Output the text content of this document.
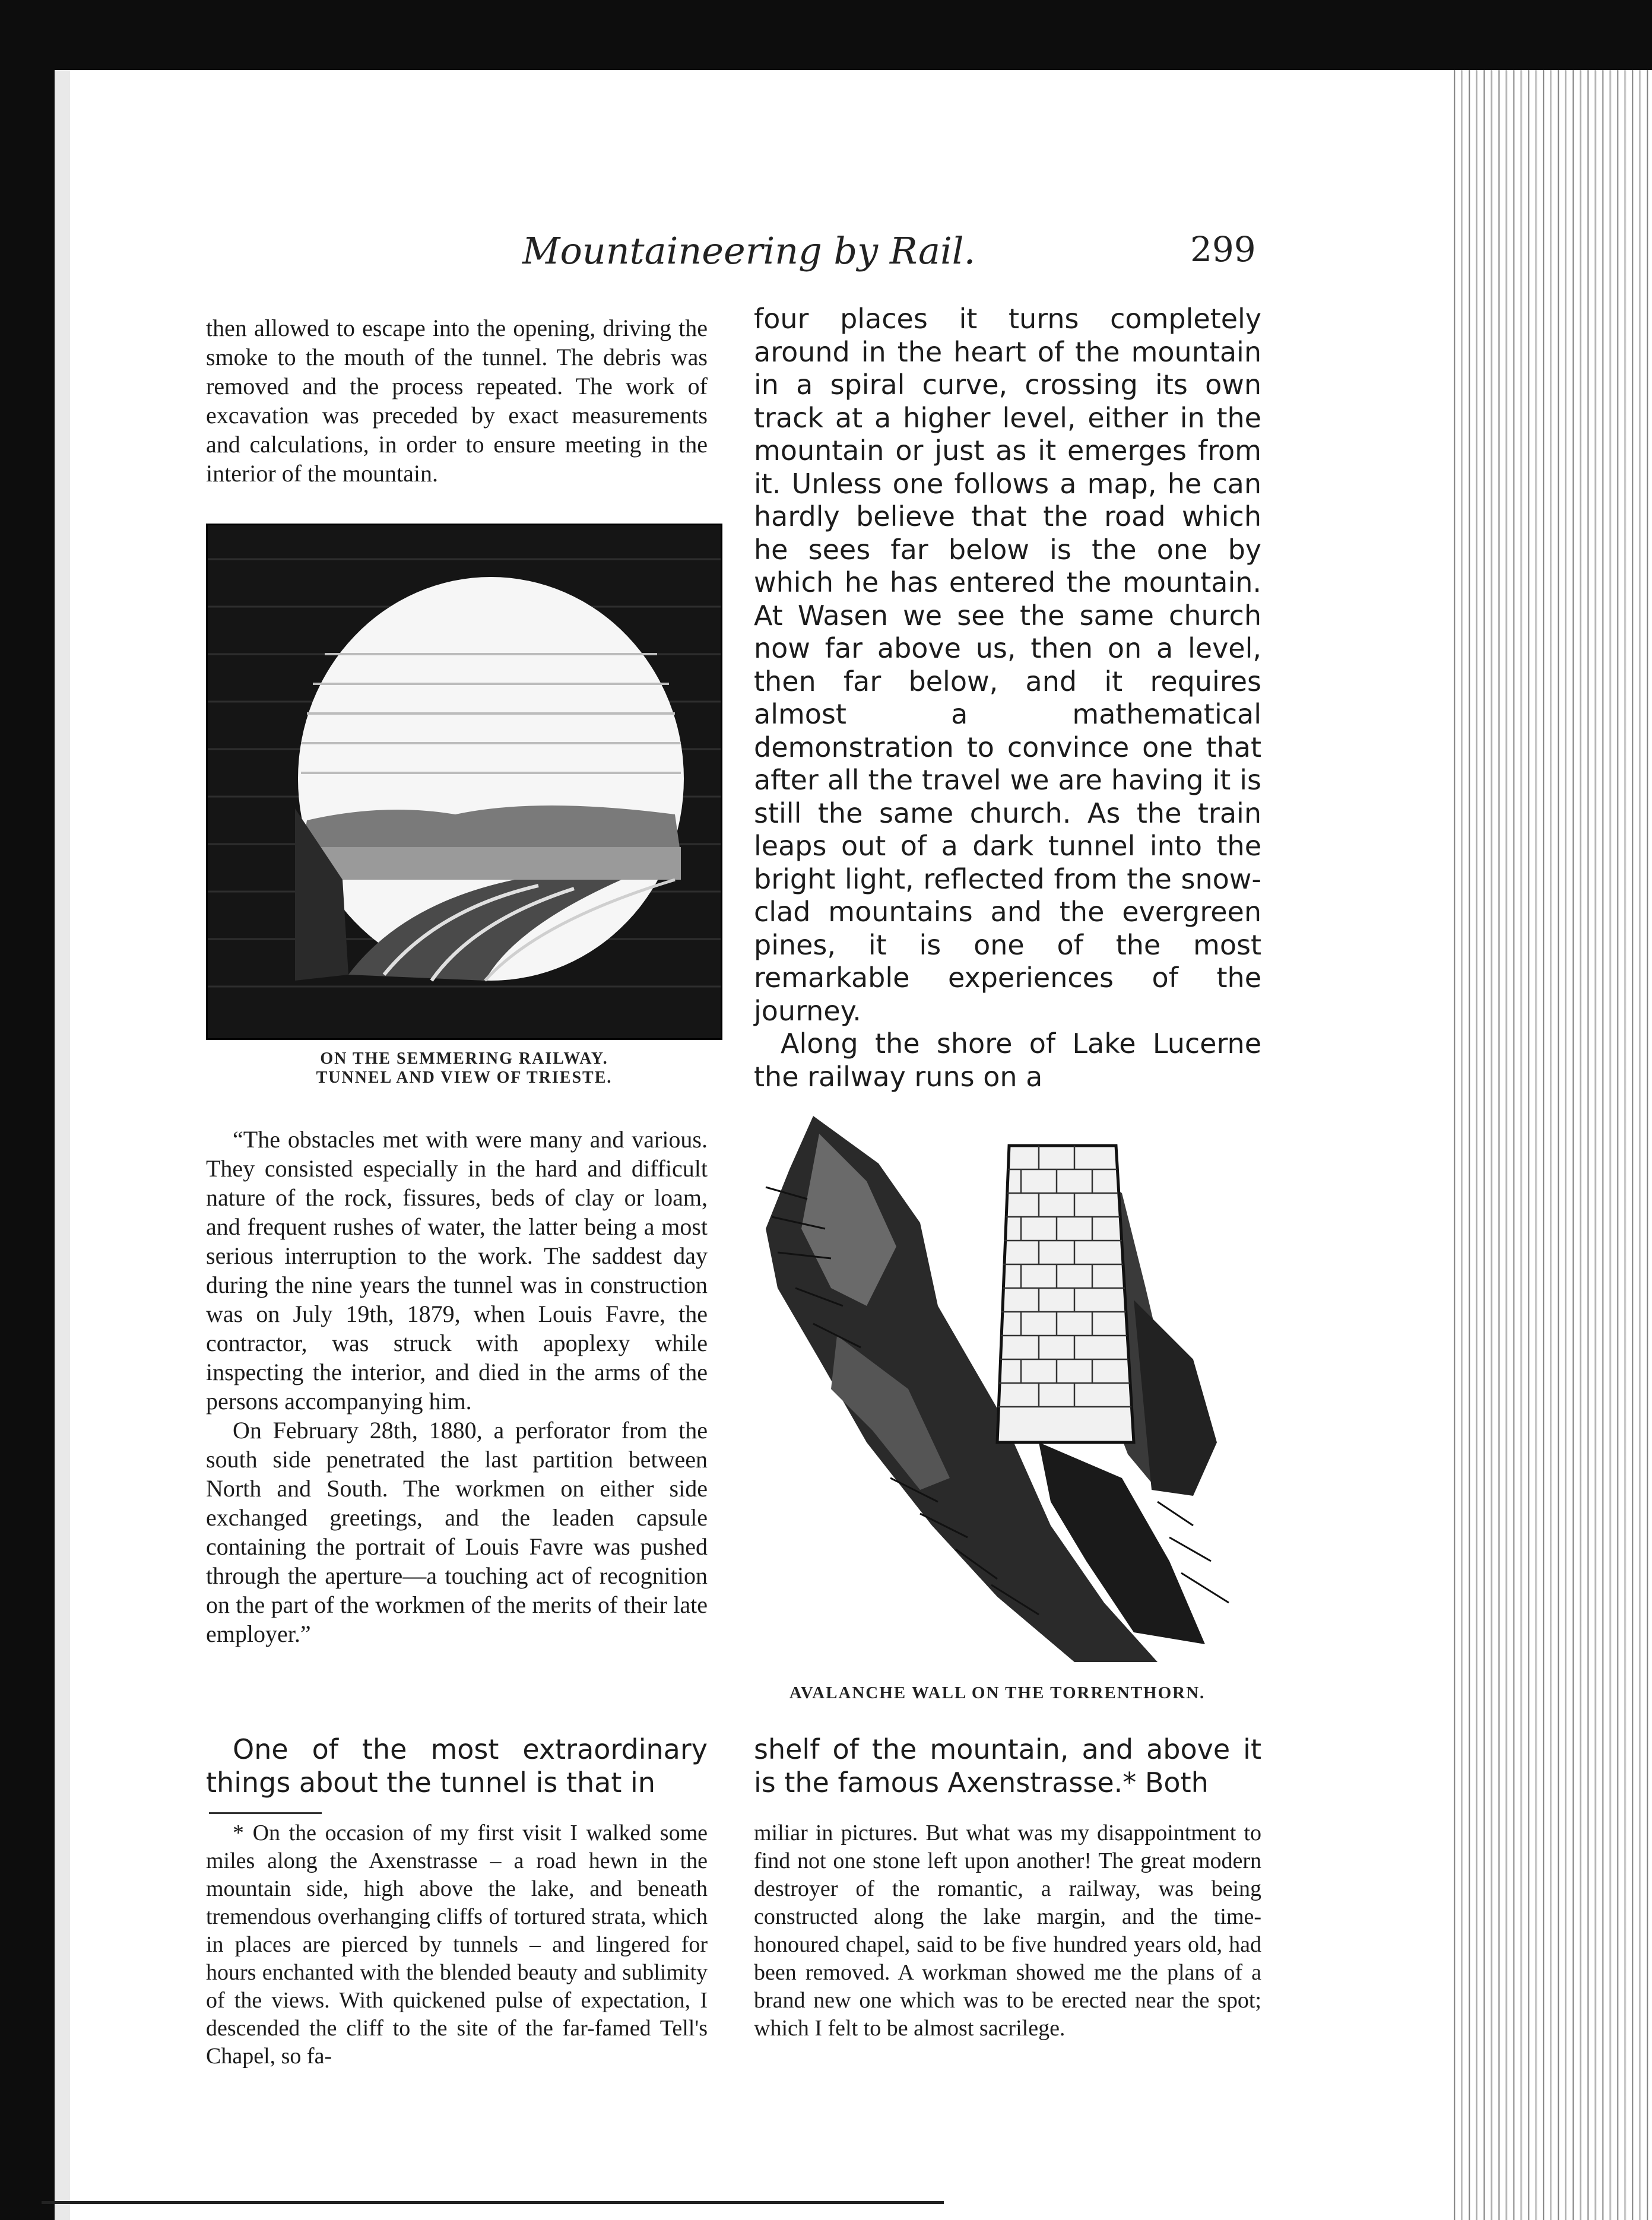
Mountaineering by Rail.	299

then allowed to escape into the opening, driving the smoke to the mouth of the tunnel. The debris was removed and the process repeated. The work of excavation was preceded by exact measurements and calculations, in order to ensure meeting in the interior of the mountain.

ON THE SEMMERING RAILWAY.
TUNNEL AND VIEW OF TRIESTE.

“The obstacles met with were many and various. They consisted especially in the hard and difficult nature of the rock, fissures, beds of clay or loam, and frequent rushes of water, the latter being a most serious interruption to the work. The saddest day during the nine years the tunnel was in construction was on July 19th, 1879, when Louis Favre, the contractor, was struck with apoplexy while inspecting the interior, and died in the arms of the persons accompanying him.

On February 28th, 1880, a perforator from the south side penetrated the last partition between North and South. The workmen on either side exchanged greetings, and the leaden capsule containing the portrait of Louis Favre was pushed through the aperture—a touching act of recognition on the part of the workmen of the merits of their late employer.”

One of the most extraordinary things about the tunnel is that in

* On the occasion of my first visit I walked some miles along the Axenstrasse – a road hewn in the mountain side, high above the lake, and beneath tremendous overhanging cliffs of tortured strata, which in places are pierced by tunnels – and lingered for hours enchanted with the blended beauty and sublimity of the views. With quickened pulse of expectation, I descended the cliff to the site of the far-famed Tell's Chapel, so fa-

four places it turns completely around in the heart of the mountain in a spiral curve, crossing its own track at a higher level, either in the mountain or just as it emerges from it. Unless one follows a map, he can hardly believe that the road which he sees far below is the one by which he has entered the mountain. At Wasen we see the same church now far above us, then on a level, then far below, and it requires almost a mathematical demonstration to convince one that after all the travel we are having it is still the same church. As the train leaps out of a dark tunnel into the bright light, reflected from the snow-clad mountains and the evergreen pines, it is one of the most remarkable experiences of the journey.

Along the shore of Lake Lucerne the railway runs on a

AVALANCHE WALL ON THE TORRENTHORN.

shelf of the mountain, and above it is the famous Axenstrasse.* Both

miliar in pictures. But what was my disappointment to find not one stone left upon another! The great modern destroyer of the romantic, a railway, was being constructed along the lake margin, and the time-honoured chapel, said to be five hundred years old, had been removed. A workman showed me the plans of a brand new one which was to be erected near the spot; which I felt to be almost sacrilege.
